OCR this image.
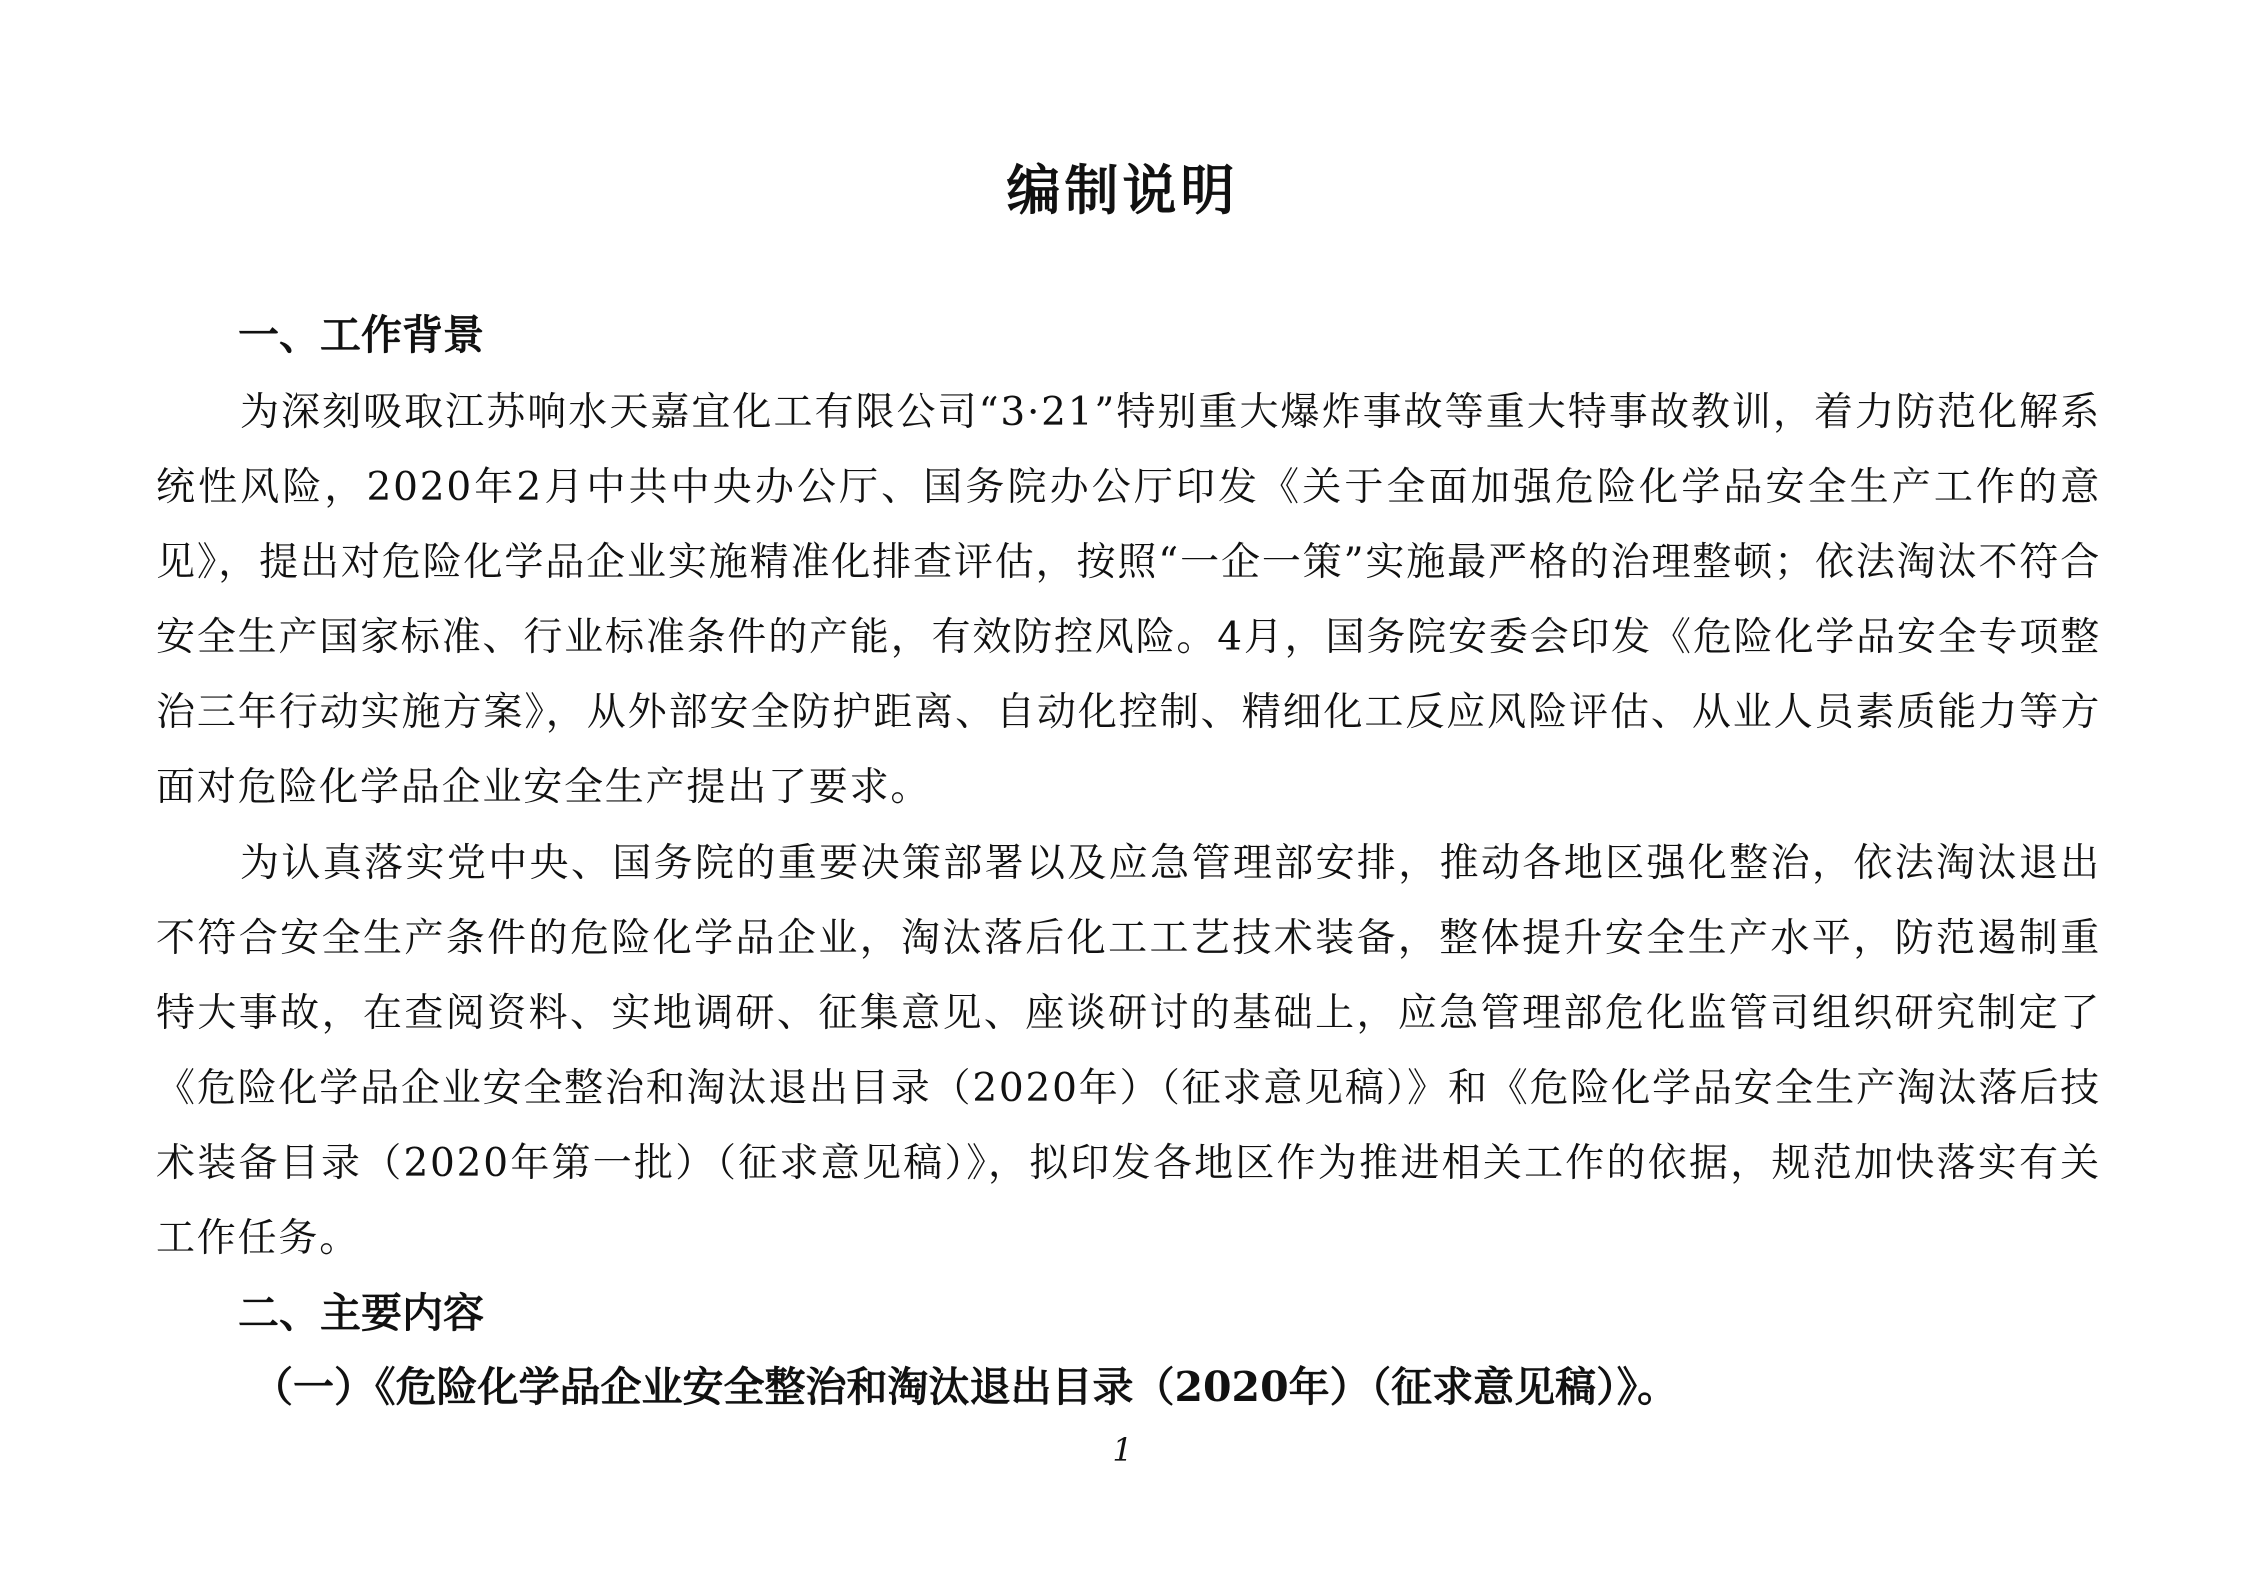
编制说明
一、工作背景

为深刻吸取江苏响水天嘉宜化工有限公司“3·21”特别重大爆炸事故等重大特事故教训，着力防范化解系统性风险，2020年2月中共中央办公厅、国务院办公厅印发《关于全面加强危险化学品安全生产工作的意见》，提出对危险化学品企业实施精准化排查评估，按照“一企一策”实施最严格的治理整顿；依法淘汰不符合安全生产国家标准、行业标准条件的产能，有效防控风险。4月，国务院安委会印发《危险化学品安全专项整治三年行动实施方案》，从外部安全防护距离、自动化控制、精细化工反应风险评估、从业人员素质能力等方面对危险化学品企业安全生产提出了要求。

为认真落实党中央、国务院的重要决策部署以及应急管理部安排，推动各地区强化整治，依法淘汰退出不符合安全生产条件的危险化学品企业，淘汰落后化工工艺技术装备，整体提升安全生产水平，防范遏制重特大事故，在查阅资料、实地调研、征集意见、座谈研讨的基础上，应急管理部危化监管司组织研究制定了《危险化学品企业安全整治和淘汰退出目录（2020年）（征求意见稿）》和《危险化学品安全生产淘汰落后技术装备目录（2020年第一批）（征求意见稿）》，拟印发各地区作为推进相关工作的依据，规范加快落实有关工作任务。

二、主要内容
（一）《危险化学品企业安全整治和淘汰退出目录（2020年）（征求意见稿）》。
1
